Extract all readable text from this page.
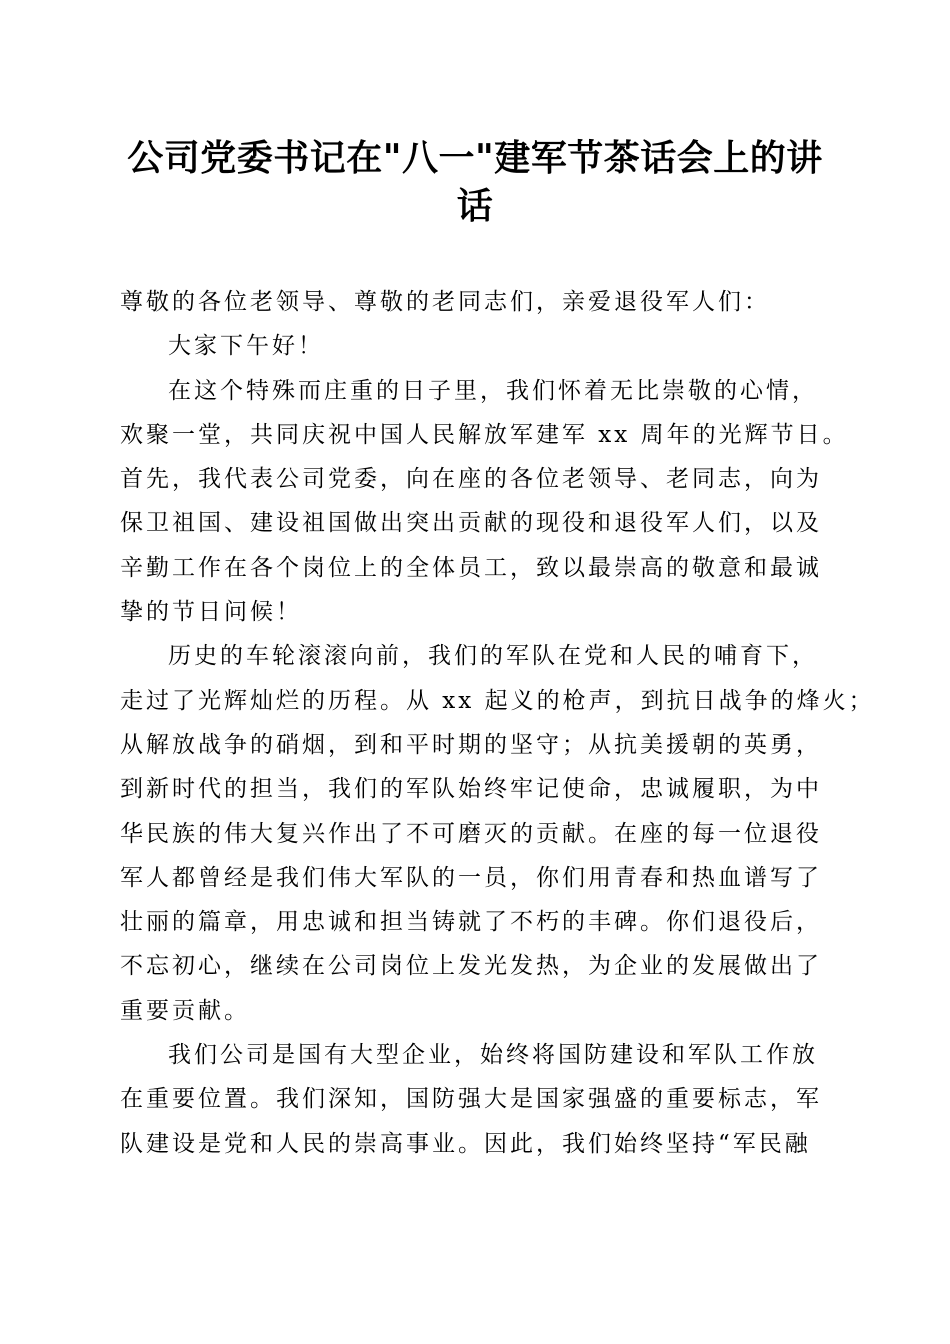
公司党委书记在"八一"建军节茶话会上的讲
话

尊敬的各位老领导、尊敬的老同志们，亲爱退役军人们：

大家下午好！

在这个特殊而庄重的日子里，我们怀着无比崇敬的心情，
欢聚一堂，共同庆祝中国人民解放军建军 xx 周年的光辉节日。
首先，我代表公司党委，向在座的各位老领导、老同志，向为
保卫祖国、建设祖国做出突出贡献的现役和退役军人们，以及
辛勤工作在各个岗位上的全体员工，致以最崇高的敬意和最诚
挚的节日问候！

历史的车轮滚滚向前，我们的军队在党和人民的哺育下，
走过了光辉灿烂的历程。从 xx 起义的枪声，到抗日战争的烽火；
从解放战争的硝烟，到和平时期的坚守；从抗美援朝的英勇，
到新时代的担当，我们的军队始终牢记使命，忠诚履职，为中
华民族的伟大复兴作出了不可磨灭的贡献。在座的每一位退役
军人都曾经是我们伟大军队的一员，你们用青春和热血谱写了
壮丽的篇章，用忠诚和担当铸就了不朽的丰碑。你们退役后，
不忘初心，继续在公司岗位上发光发热，为企业的发展做出了
重要贡献。

我们公司是国有大型企业，始终将国防建设和军队工作放
在重要位置。我们深知，国防强大是国家强盛的重要标志，军
队建设是党和人民的崇高事业。因此，我们始终坚持“军民融
